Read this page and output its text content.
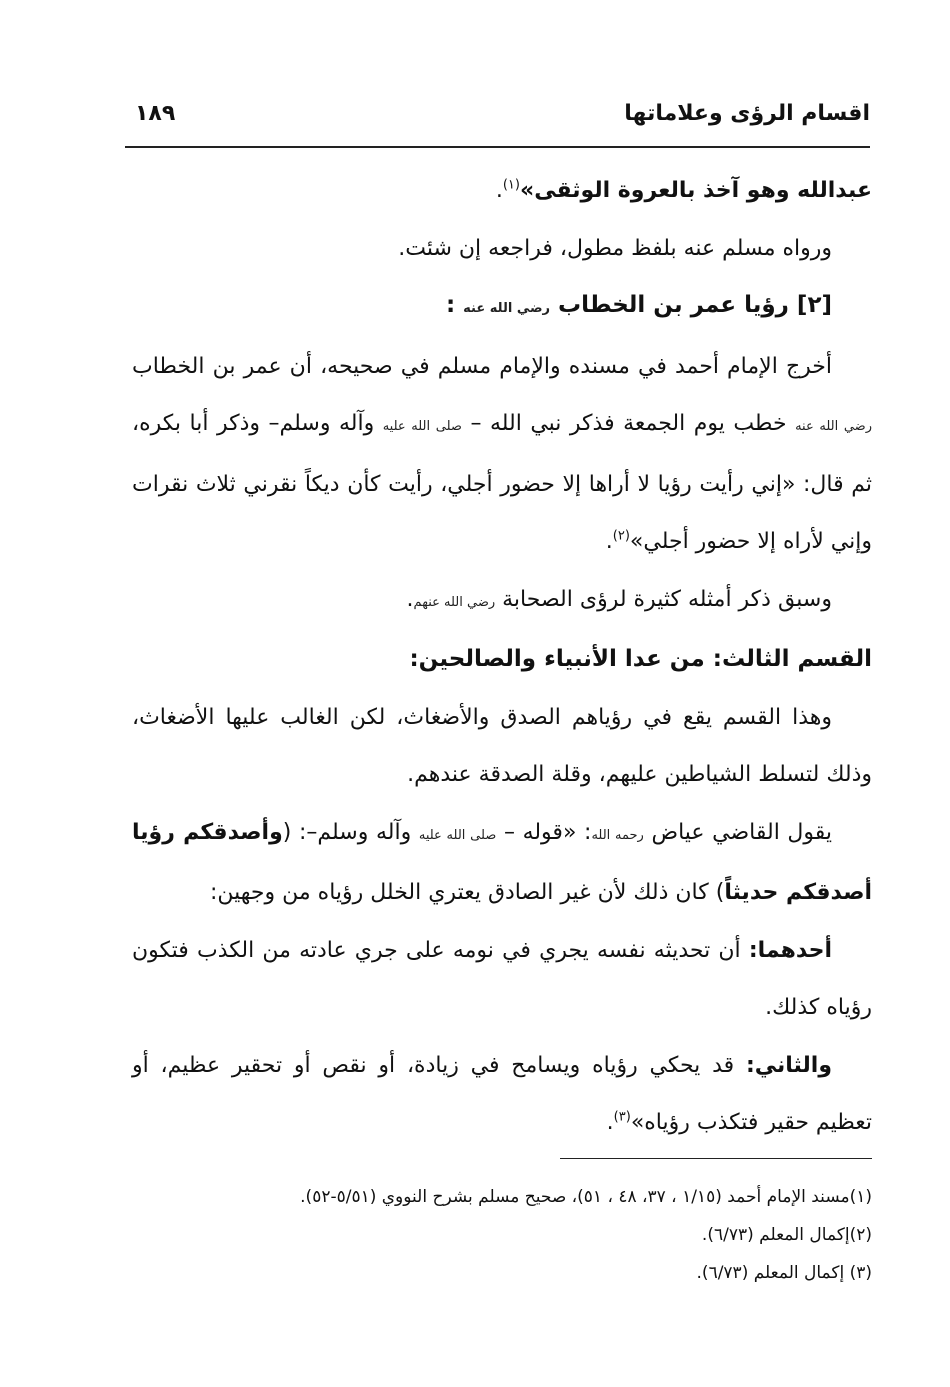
اقسام الرؤى وعلاماتها
١٨٩

عبدالله وهو آخذ بالعروة الوثقى»$^{(١)}$.

ورواه مسلم عنه بلفظ مطول، فراجعه إن شئت.

[٢] رؤيا عمر بن الخطاب رضي الله عنه :

أخرج الإمام أحمد في مسنده والإمام مسلم في صحيحه، أن عمر بن الخطاب رضي الله عنه خطب يوم الجمعة فذكر نبي الله – صلى الله عليه وآله وسلم– وذكر أبا بكره، ثم قال: «إني رأيت رؤيا لا أراها إلا حضور أجلي، رأيت كأن ديكاً نقرني ثلاث نقرات وإني لأراه إلا حضور أجلي»$^{(٢)}$.

وسبق ذكر أمثله كثيرة لرؤى الصحابة رضي الله عنهم.

القسم الثالث: من عدا الأنبياء والصالحين:

وهذا القسم يقع في رؤياهم الصدق والأضغاث، لكن الغالب عليها الأضغاث، وذلك لتسلط الشياطين عليهم، وقلة الصدقة عندهم.

يقول القاضي عياض رحمه الله: «قوله – صلى الله عليه وآله وسلم–: (وأصدقكم رؤيا أصدقكم حديثاً) كان ذلك لأن غير الصادق يعتري الخلل رؤياه من وجهين:

أحدهما: أن تحديثه نفسه يجري في نومه على جري عادته من الكذب فتكون رؤياه كذلك.

والثاني: قد يحكي رؤياه ويسامح في زيادة، أو نقص أو تحقير عظيم، أو تعظيم حقير فتكذب رؤياه»$^{(٣)}$.

(١)مسند الإمام أحمد (١/١٥ ، ٣٧، ٤٨ ، ٥١)، صحيح مسلم بشرح النووي (٥/٥١-٥٢).

(٢)إكمال المعلم (٦/٧٣).

(٣) إكمال المعلم (٦/٧٣).
